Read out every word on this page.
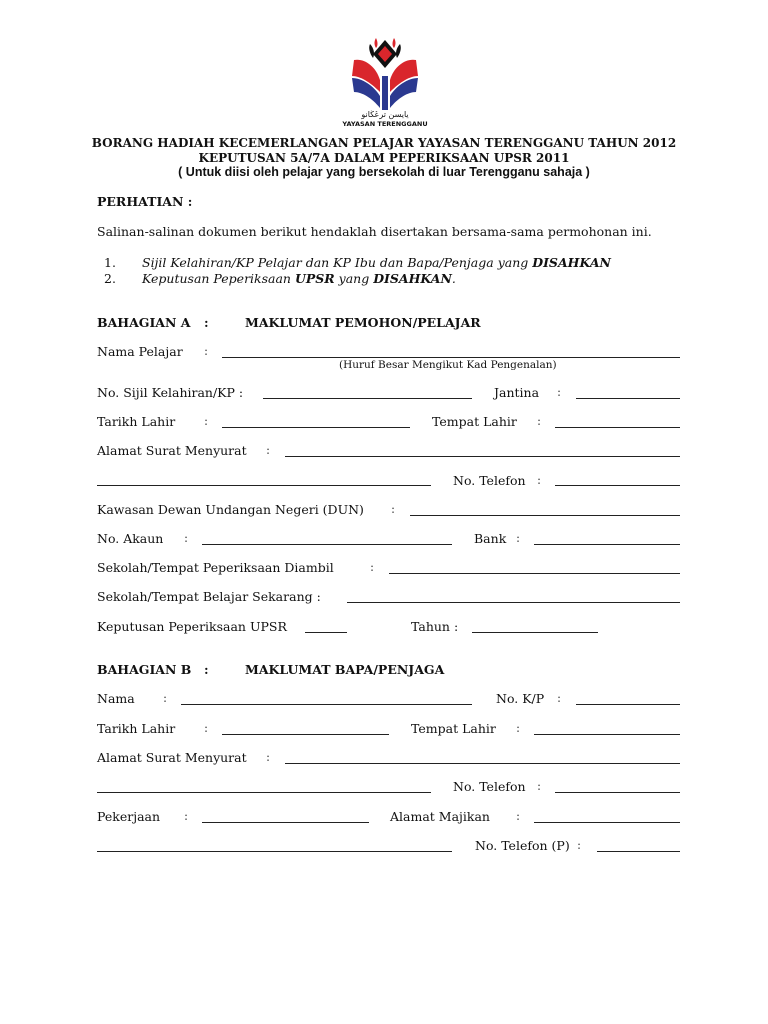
يايسن ترڠڬانو
YAYASAN TERENGGANU
BORANG HADIAH KECEMERLANGAN PELAJAR YAYASAN TERENGGANU TAHUN 2012
KEPUTUSAN 5A/7A DALAM PEPERIKSAAN UPSR 2011
( Untuk diisi oleh pelajar yang bersekolah di luar Terengganu sahaja )
PERHATIAN :
Salinan-salinan dokumen berikut hendaklah disertakan bersama-sama permohonan ini.
1. Sijil Kelahiran/KP Pelajar dan KP Ibu dan Bapa/Penjaga yang DISAHKAN
2. Keputusan Peperiksaan UPSR yang DISAHKAN.
BAHAGIAN A :	MAKLUMAT PEMOHON/PELAJAR
Nama Pelajar :
(Huruf Besar Mengikut Kad Pengenalan)
No. Sijil Kelahiran/KP :	Jantina :
Tarikh Lahir :	Tempat Lahir :
Alamat Surat Menyurat :
No. Telefon :
Kawasan Dewan Undangan Negeri (DUN) :
No. Akaun :	Bank :
Sekolah/Tempat Peperiksaan Diambil	:
Sekolah/Tempat Belajar Sekarang :
Keputusan Peperiksaan UPSR	Tahun :
BAHAGIAN B :	MAKLUMAT BAPA/PENJAGA
Nama :	No. K/P :
Tarikh Lahir :	Tempat Lahir :
Alamat Surat Menyurat :
No. Telefon :
Pekerjaan :	Alamat Majikan :
No. Telefon (P) :
